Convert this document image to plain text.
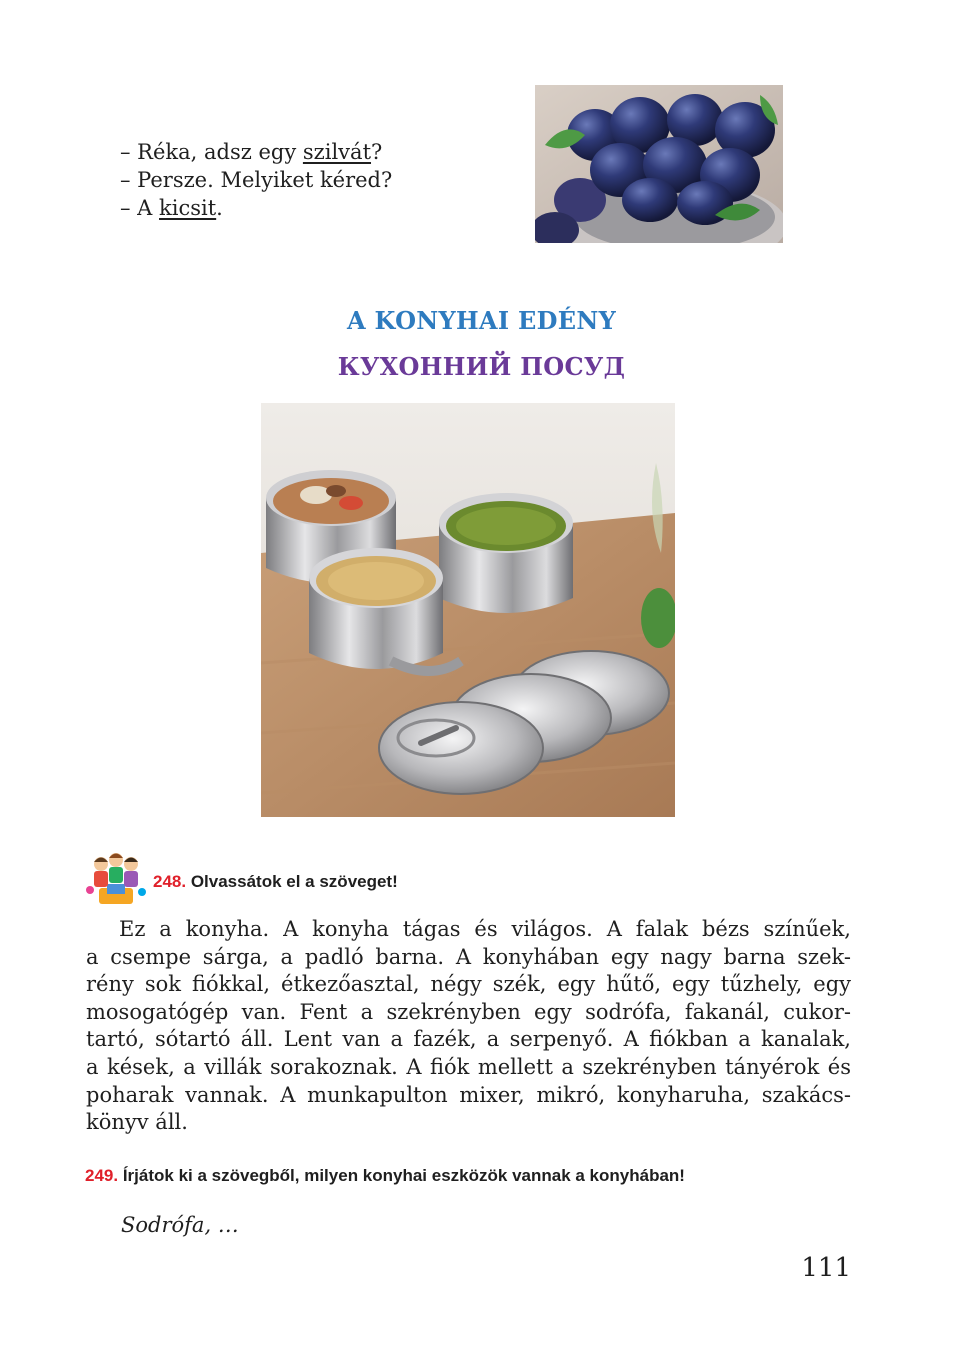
– Réka, adsz egy szilvát?
– Persze. Melyiket kéred?
– A kicsit.
A KONYHAI EDÉNY
КУХОННИЙ ПОСУД
248. Olvassátok el a szöveget!
Ez a konyha. A konyha tágas és világos. A falak bézs színűek,
a csempe sárga, a padló barna. A konyhában egy nagy barna szek-
rény sok fiókkal, étkezőasztal, négy szék, egy hűtő, egy tűzhely, egy
mosogatógép van. Fent a szekrényben egy sodrófa, fakanál, cukor-
tartó, sótartó áll. Lent van a fazék, a serpenyő. A fiókban a kanalak,
a kések, a villák sorakoznak. A fiók mellett a szekrényben tányérok és
poharak vannak. A munkapulton mixer, mikró, konyharuha, szakács-
könyv áll.
249. Írjátok ki a szövegből, milyen konyhai eszközök vannak a konyhában!
Sodrófa, …
111
